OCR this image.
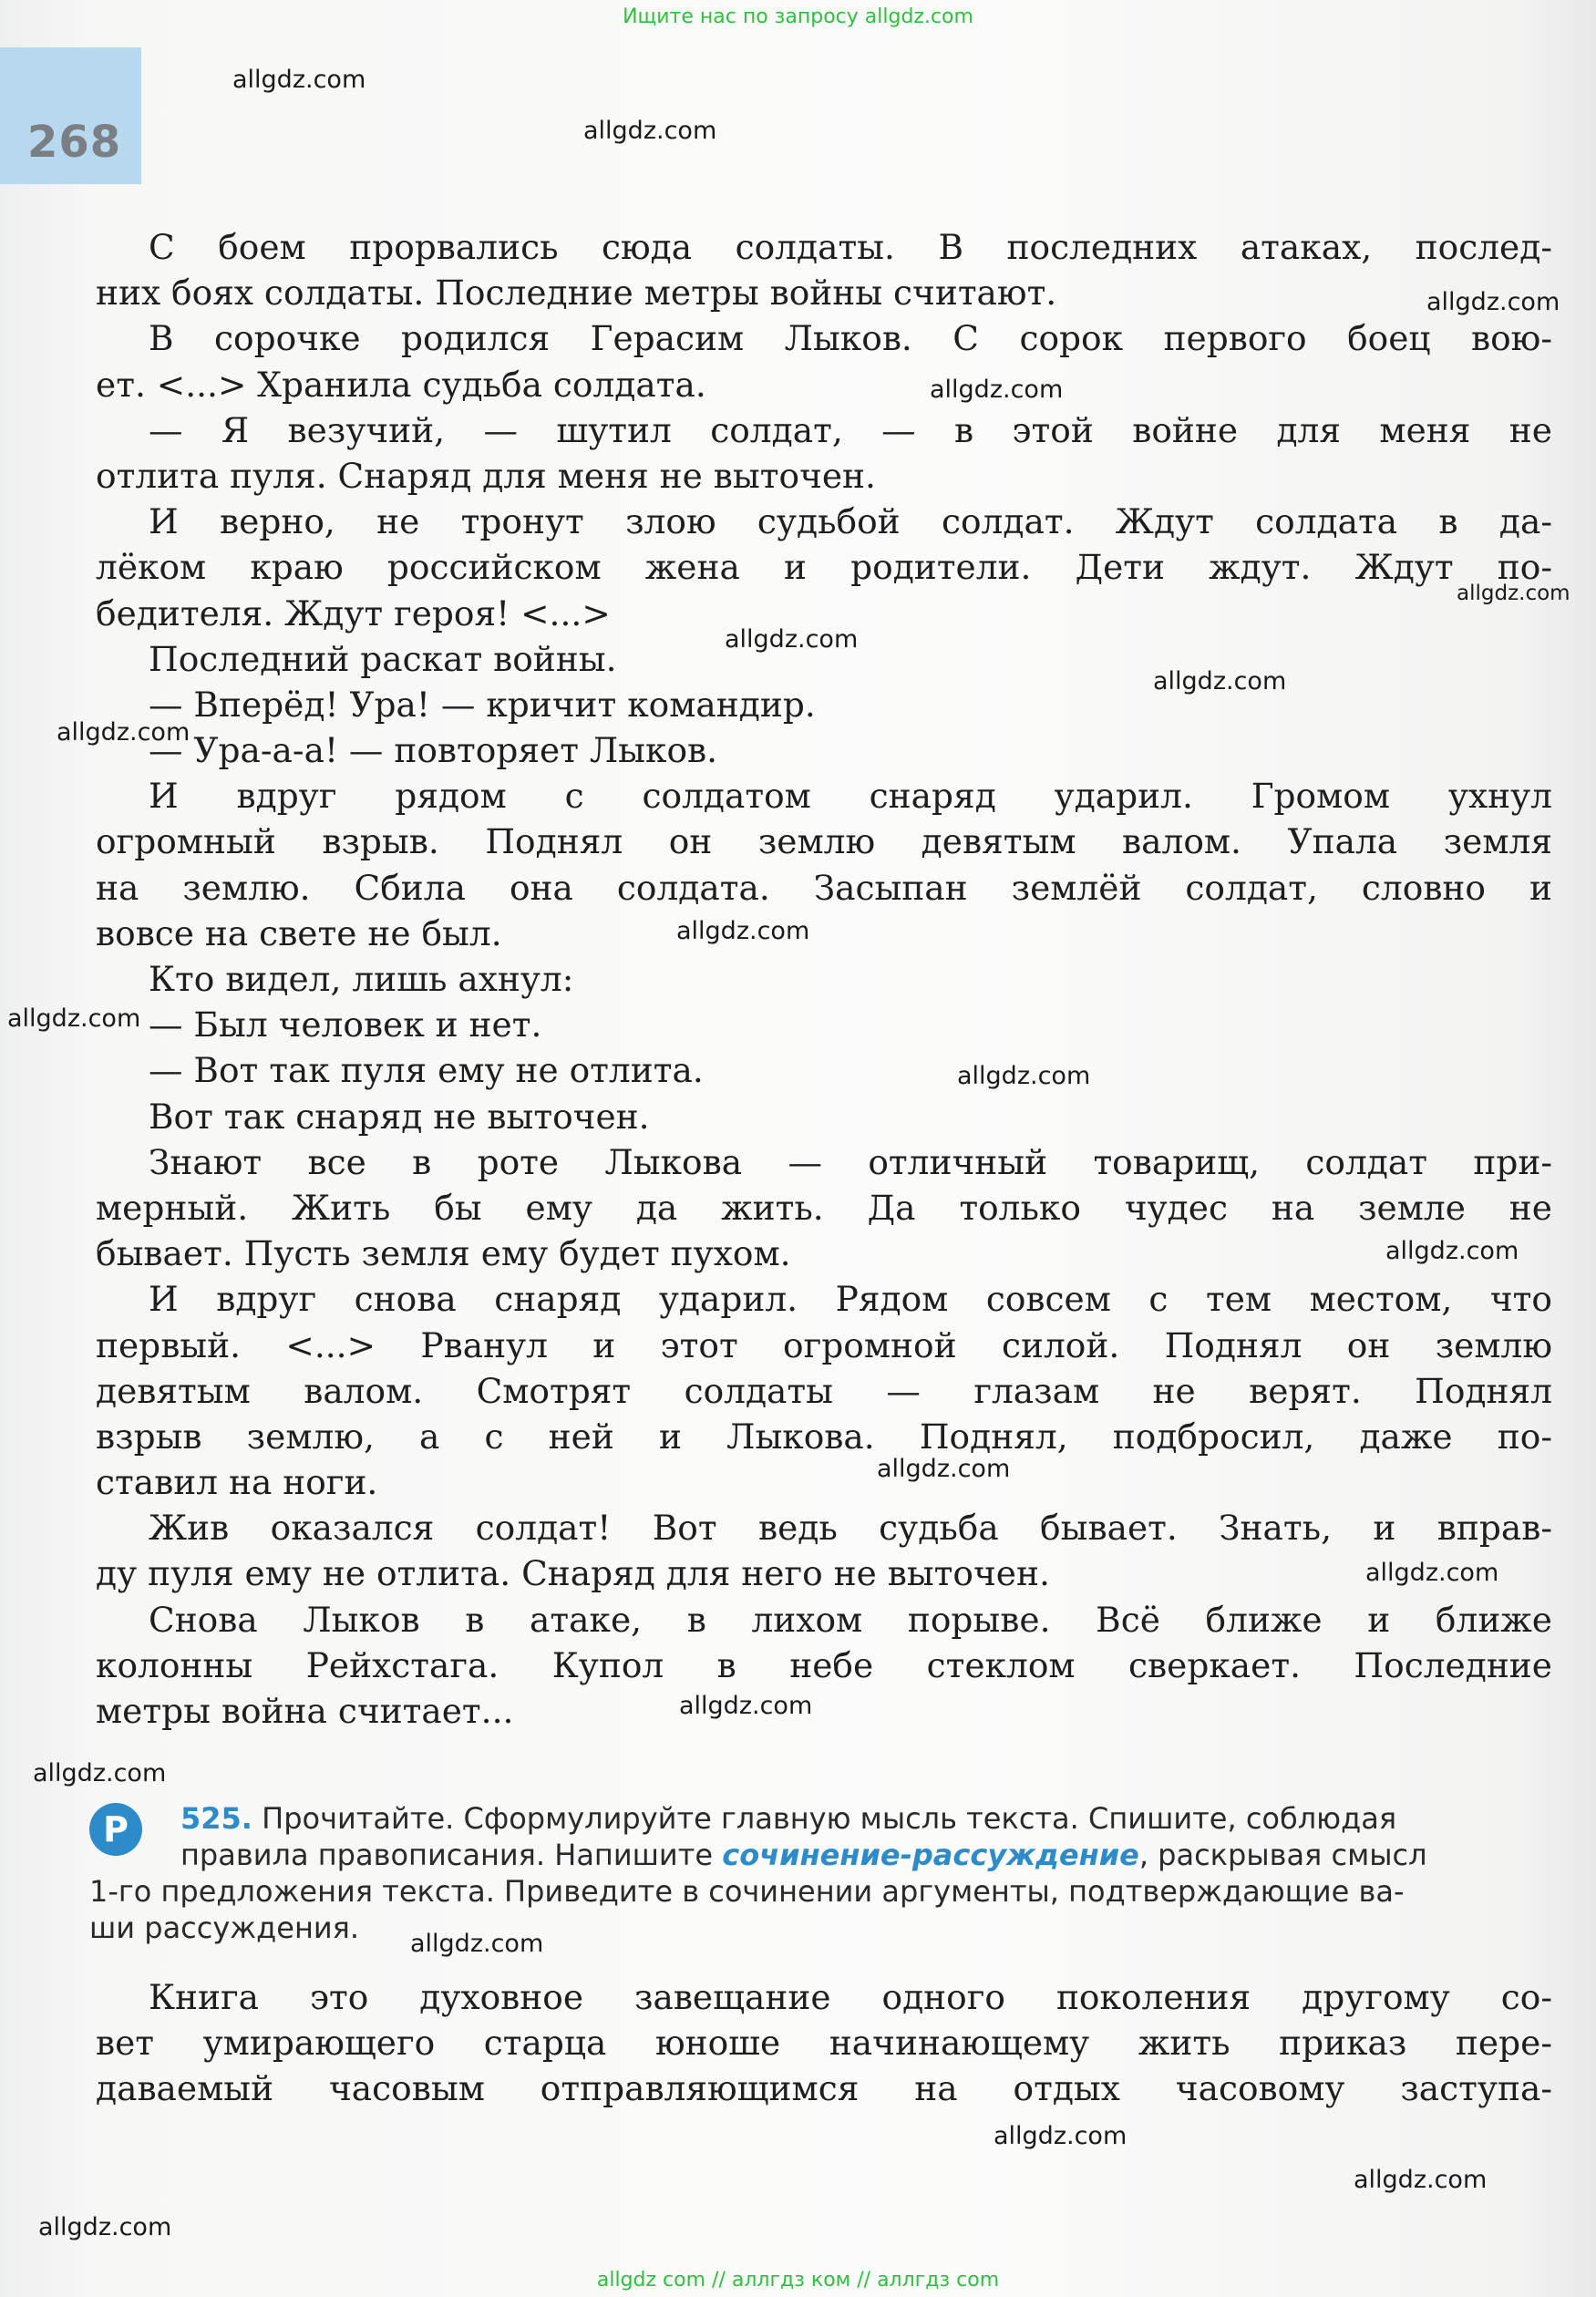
Ищите нас по запросу allgdz.com
268
С боем прорвались сюда солдаты. В последних атаках, послед-
них боях солдаты. Последние метры войны считают.
В сорочке родился Герасим Лыков. С сорок первого боец вою-
ет. <...> Хранила судьба солдата.
— Я везучий, — шутил солдат, — в этой войне для меня не
отлита пуля. Снаряд для меня не выточен.
И верно, не тронут злою судьбой солдат. Ждут солдата в да-
лёком краю российском жена и родители. Дети ждут. Ждут по-
бедителя. Ждут героя! <...>
Последний раскат войны.
— Вперёд! Ура! — кричит командир.
— Ура-а-а! — повторяет Лыков.
И вдруг рядом с солдатом снаряд ударил. Громом ухнул
огромный взрыв. Поднял он землю девятым валом. Упала земля
на землю. Сбила она солдата. Засыпан землёй солдат, словно и
вовсе на свете не был.
Кто видел, лишь ахнул:
— Был человек и нет.
— Вот так пуля ему не отлита.
Вот так снаряд не выточен.
Знают все в роте Лыкова — отличный товарищ, солдат при-
мерный. Жить бы ему да жить. Да только чудес на земле не
бывает. Пусть земля ему будет пухом.
И вдруг снова снаряд ударил. Рядом совсем с тем местом, что
первый. <...> Рванул и этот огромной силой. Поднял он землю
девятым валом. Смотрят солдаты — глазам не верят. Поднял
взрыв землю, а с ней и Лыкова. Поднял, подбросил, даже по-
ставил на ноги.
Жив оказался солдат! Вот ведь судьба бывает. Знать, и вправ-
ду пуля ему не отлита. Снаряд для него не выточен.
Снова Лыков в атаке, в лихом порыве. Всё ближе и ближе
колонны Рейхстага. Купол в небе стеклом сверкает. Последние
метры война считает...
Р	525. Прочитайте. Сформулируйте главную мысль текста. Спишите, соблюдая
правила правописания. Напишите сочинение-рассуждение, раскрывая смысл
1-го предложения текста. Приведите в сочинении аргументы, подтверждающие ва-
ши рассуждения.
Книга это духовное завещание одного поколения другому со-
вет умирающего старца юноше начинающему жить приказ пере-
даваемый часовым отправляющимся на отдых часовому заступа-
allgdz.com
allgdz.com
allgdz.com
allgdz.com
allgdz.com
allgdz.com
allgdz.com
allgdz.com
allgdz.com
allgdz.com
allgdz.com
allgdz.com
allgdz.com
allgdz.com
allgdz.com
allgdz.com
allgdz.com
allgdz.com
allgdz.com
allgdz.com
allgdz com // аллгдз ком // аллгдз com
